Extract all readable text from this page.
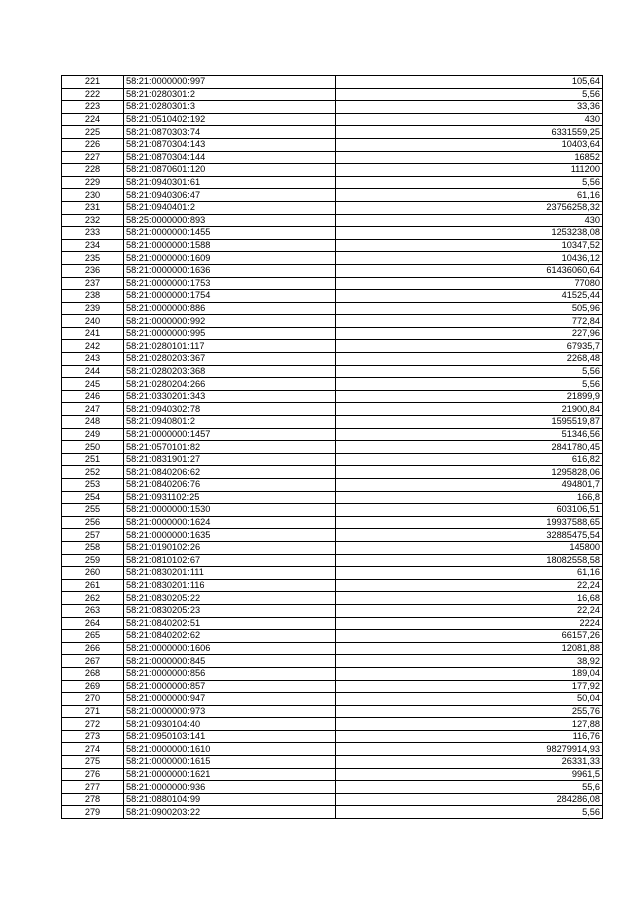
221	58:21:0000000:997	105,64
222	58:21:0280301:2	5,56
223	58:21:0280301:3	33,36
224	58:21:0510402:192	430
225	58:21:0870303:74	6331559,25
226	58:21:0870304:143	10403,64
227	58:21:0870304:144	16852
228	58:21:0870601:120	111200
229	58:21:0940301:61	5,56
230	58:21:0940306:47	61,16
231	58:21:0940401:2	23756258,32
232	58:25:0000000:893	430
233	58:21:0000000:1455	1253238,08
234	58:21:0000000:1588	10347,52
235	58:21:0000000:1609	10436,12
236	58:21:0000000:1636	61436060,64
237	58:21:0000000:1753	77080
238	58:21:0000000:1754	41525,44
239	58:21:0000000:886	505,96
240	58:21:0000000:992	772,84
241	58:21:0000000:995	227,96
242	58:21:0280101:117	67935,7
243	58:21:0280203:367	2268,48
244	58:21:0280203:368	5,56
245	58:21:0280204:266	5,56
246	58:21:0330201:343	21899,9
247	58:21:0940302:78	21900,84
248	58:21:0940801:2	1595519,87
249	58:21:0000000:1457	51346,56
250	58:21:0570101:82	2841780,45
251	58:21:0831901:27	616,82
252	58:21:0840206:62	1295828,06
253	58:21:0840206:76	494801,7
254	58:21:0931102:25	166,8
255	58:21:0000000:1530	603106,51
256	58:21:0000000:1624	19937588,65
257	58:21:0000000:1635	32885475,54
258	58:21:0190102:26	145800
259	58:21:0810102:67	18082558,58
260	58:21:0830201:111	61,16
261	58:21:0830201:116	22,24
262	58:21:0830205:22	16,68
263	58:21:0830205:23	22,24
264	58:21:0840202:51	2224
265	58:21:0840202:62	66157,26
266	58:21:0000000:1606	12081,88
267	58:21:0000000:845	38,92
268	58:21:0000000:856	189,04
269	58:21:0000000:857	177,92
270	58:21:0000000:947	50,04
271	58:21:0000000:973	255,76
272	58:21:0930104:40	127,88
273	58:21:0950103:141	116,76
274	58:21:0000000:1610	98279914,93
275	58:21:0000000:1615	26331,33
276	58:21:0000000:1621	9961,5
277	58:21:0000000:936	55,6
278	58:21:0880104:99	284286,08
279	58:21:0900203:22	5,56
